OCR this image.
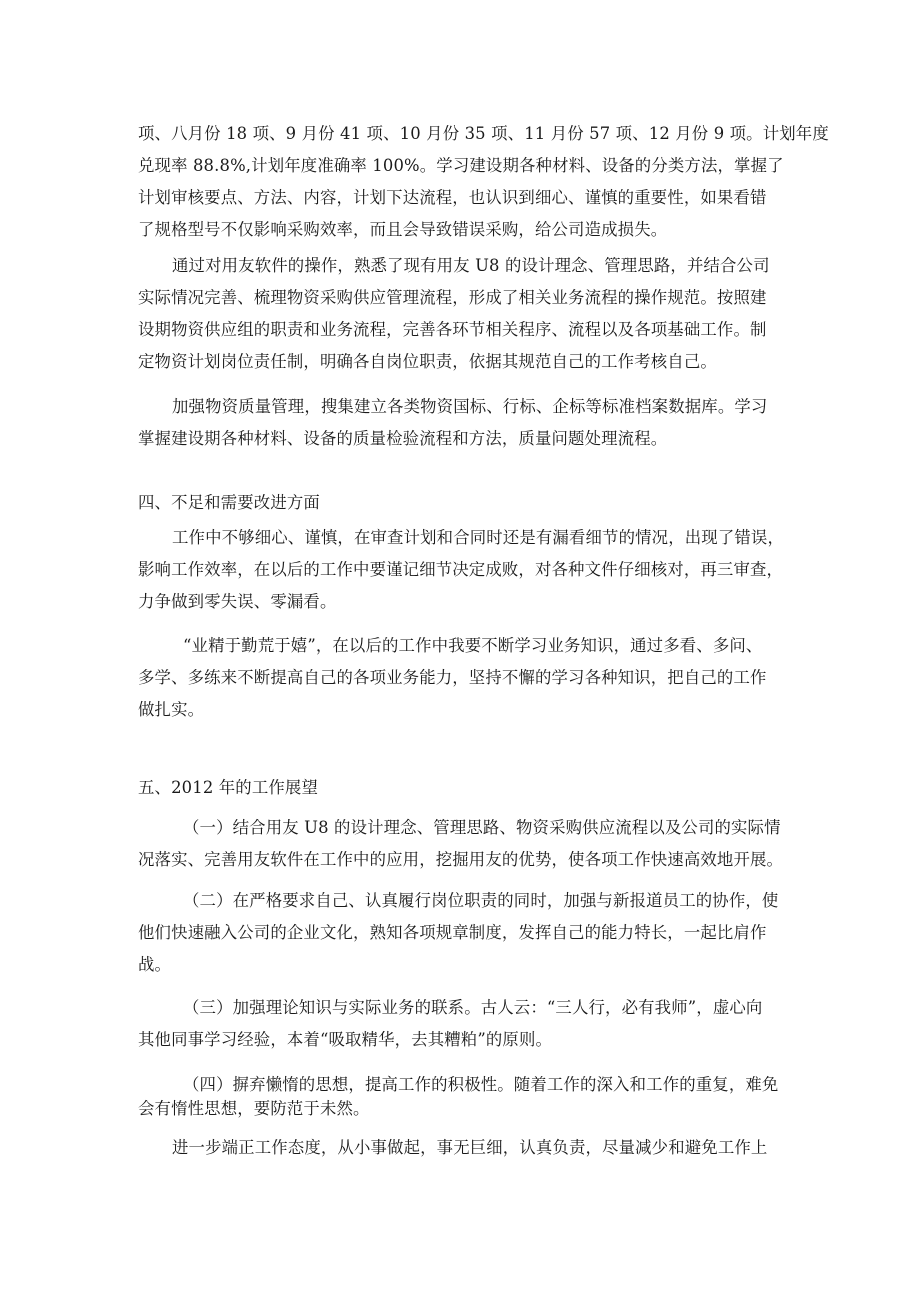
项、八月份 18 项、9 月份 41 项、10 月份 35 项、11 月份 57 项、12 月份 9 项。计划年度
兑现率 88.8%,计划年度准确率 100%。学习建设期各种材料、设备的分类方法，掌握了
计划审核要点、方法、内容，计划下达流程，也认识到细心、谨慎的重要性，如果看错
了规格型号不仅影响采购效率，而且会导致错误采购，给公司造成损失。
通过对用友软件的操作，熟悉了现有用友 U8 的设计理念、管理思路，并结合公司
实际情况完善、梳理物资采购供应管理流程，形成了相关业务流程的操作规范。按照建
设期物资供应组的职责和业务流程，完善各环节相关程序、流程以及各项基础工作。制
定物资计划岗位责任制，明确各自岗位职责，依据其规范自己的工作考核自己。
加强物资质量管理，搜集建立各类物资国标、行标、企标等标准档案数据库。学习
掌握建设期各种材料、设备的质量检验流程和方法，质量问题处理流程。
四、不足和需要改进方面
工作中不够细心、谨慎，在审查计划和合同时还是有漏看细节的情况，出现了错误，
影响工作效率，在以后的工作中要谨记细节决定成败，对各种文件仔细核对，再三审查，
力争做到零失误、零漏看。
“业精于勤荒于嬉”，在以后的工作中我要不断学习业务知识，通过多看、多问、
多学、多练来不断提高自己的各项业务能力，坚持不懈的学习各种知识，把自己的工作
做扎实。
五、2012 年的工作展望
（一）结合用友 U8 的设计理念、管理思路、物资采购供应流程以及公司的实际情
况落实、完善用友软件在工作中的应用，挖掘用友的优势，使各项工作快速高效地开展。
（二）在严格要求自己、认真履行岗位职责的同时，加强与新报道员工的协作，使
他们快速融入公司的企业文化，熟知各项规章制度，发挥自己的能力特长，一起比肩作
战。
（三）加强理论知识与实际业务的联系。古人云：“三人行，必有我师”，虚心向
其他同事学习经验，本着“吸取精华，去其糟粕”的原则。
（四）摒弃懒惰的思想，提高工作的积极性。随着工作的深入和工作的重复，难免
会有惰性思想，要防范于未然。
进一步端正工作态度，从小事做起，事无巨细，认真负责，尽量减少和避免工作上
